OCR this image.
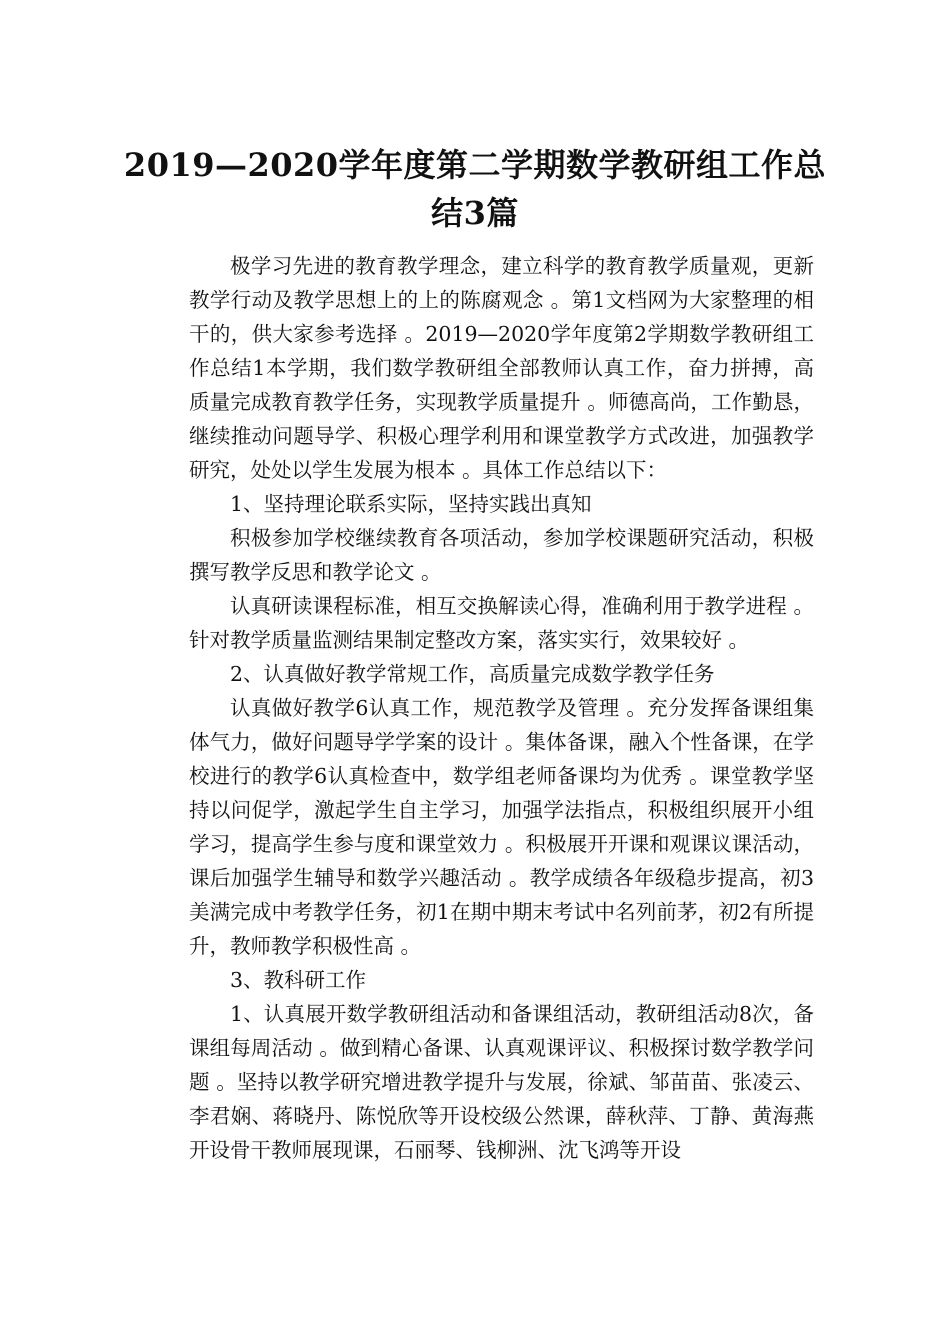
2019—2020学年度第二学期数学教研组工作总
结3篇

极学习先进的教育教学理念，建立科学的教育教学质量观，更新教学行动及教学思想上的上的陈腐观念 。第1文档网为大家整理的相干的，供大家参考选择 。2019—2020学年度第2学期数学教研组工作总结1本学期，我们数学教研组全部教师认真工作，奋力拼搏，高质量完成教育教学任务，实现教学质量提升 。师德高尚，工作勤恳，继续推动问题导学、积极心理学利用和课堂教学方式改进，加强教学研究，处处以学生发展为根本 。具体工作总结以下：

1、坚持理论联系实际，坚持实践出真知

积极参加学校继续教育各项活动，参加学校课题研究活动，积极撰写教学反思和教学论文 。

认真研读课程标准，相互交换解读心得，准确利用于教学进程 。针对教学质量监测结果制定整改方案，落实实行，效果较好 。

2、认真做好教学常规工作，高质量完成数学教学任务

认真做好教学6认真工作，规范教学及管理 。充分发挥备课组集体气力，做好问题导学学案的设计 。集体备课，融入个性备课，在学校进行的教学6认真检查中，数学组老师备课均为优秀 。课堂教学坚持以问促学，激起学生自主学习，加强学法指点，积极组织展开小组学习，提高学生参与度和课堂效力 。积极展开开课和观课议课活动，课后加强学生辅导和数学兴趣活动 。教学成绩各年级稳步提高，初3美满完成中考教学任务，初1在期中期末考试中名列前茅，初2有所提升，教师教学积极性高 。

3、教科研工作

1、认真展开数学教研组活动和备课组活动，教研组活动8次，备课组每周活动 。做到精心备课、认真观课评议、积极探讨数学教学问题 。坚持以教学研究增进教学提升与发展，徐斌、邹苗苗、张凌云、李君娴、蒋晓丹、陈悦欣等开设校级公然课，薛秋萍、丁静、黄海燕开设骨干教师展现课，石丽琴、钱柳洲、沈飞鸿等开设
